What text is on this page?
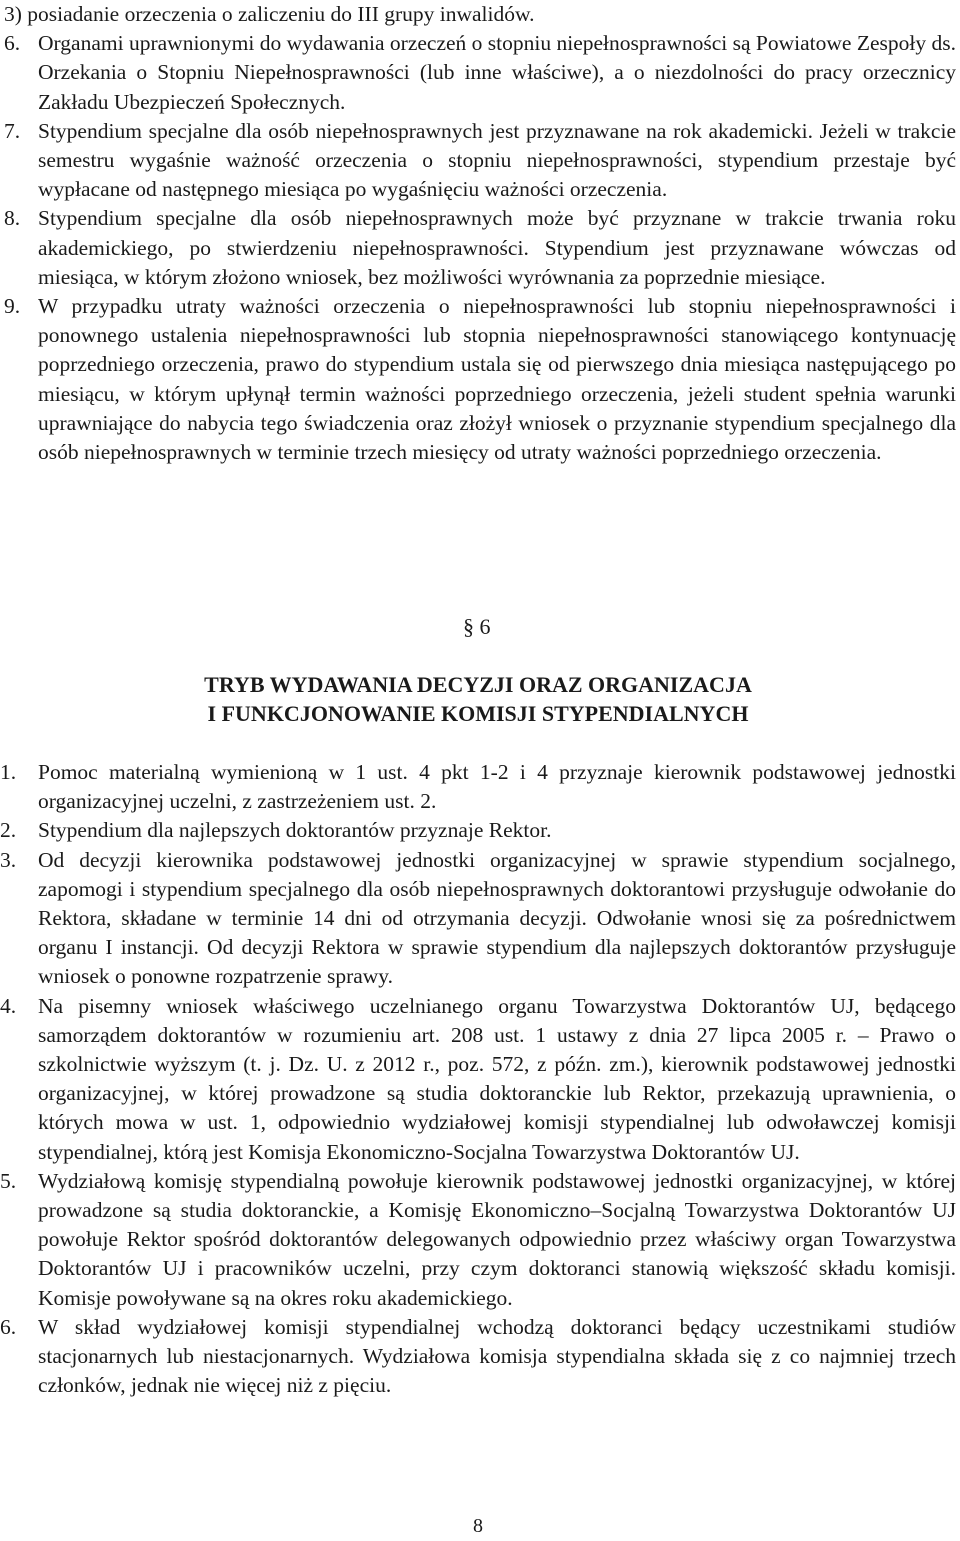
3) posiadanie orzeczenia o zaliczeniu do III grupy inwalidów.
6. Organami uprawnionymi do wydawania orzeczeń o stopniu niepełnosprawności są Powiatowe Zespoły ds. Orzekania o Stopniu Niepełnosprawności (lub inne właściwe), a o niezdolności do pracy orzecznicy Zakładu Ubezpieczeń Społecznych.
7. Stypendium specjalne dla osób niepełnosprawnych jest przyznawane na rok akademicki. Jeżeli w trakcie semestru wygaśnie ważność orzeczenia o stopniu niepełnosprawności, stypendium przestaje być wypłacane od następnego miesiąca po wygaśnięciu ważności orzeczenia.
8. Stypendium specjalne dla osób niepełnosprawnych może być przyznane w trakcie trwania roku akademickiego, po stwierdzeniu niepełnosprawności. Stypendium jest przyznawane wówczas od miesiąca, w którym złożono wniosek, bez możliwości wyrównania za poprzednie miesiące.
9. W przypadku utraty ważności orzeczenia o niepełnosprawności lub stopniu niepełnosprawności i ponownego ustalenia niepełnosprawności lub stopnia niepełnosprawności stanowiącego kontynuację poprzedniego orzeczenia, prawo do stypendium ustala się od pierwszego dnia miesiąca następującego po miesiącu, w którym upłynął termin ważności poprzedniego orzeczenia, jeżeli student spełnia warunki uprawniające do nabycia tego świadczenia oraz złożył wniosek o przyznanie stypendium specjalnego dla osób niepełnosprawnych w terminie trzech miesięcy od utraty ważności poprzedniego orzeczenia.
§ 6
TRYB WYDAWANIA DECYZJI ORAZ ORGANIZACJA
I FUNKCJONOWANIE KOMISJI STYPENDIALNYCH
1.	Pomoc materialną wymienioną w 1 ust. 4 pkt 1-2 i 4 przyznaje kierownik podstawowej jednostki organizacyjnej uczelni, z zastrzeżeniem ust. 2.
2.	Stypendium dla najlepszych doktorantów przyznaje Rektor.
3.	Od decyzji kierownika podstawowej jednostki organizacyjnej w sprawie stypendium socjalnego, zapomogi i stypendium specjalnego dla osób niepełnosprawnych doktorantowi przysługuje odwołanie do Rektora, składane w terminie 14 dni od otrzymania decyzji. Odwołanie wnosi się za pośrednictwem organu I instancji. Od decyzji Rektora w sprawie stypendium dla najlepszych doktorantów przysługuje wniosek o ponowne rozpatrzenie sprawy.
4.	Na pisemny wniosek właściwego uczelnianego organu Towarzystwa Doktorantów UJ, będącego samorządem doktorantów w rozumieniu art. 208 ust. 1 ustawy z dnia 27 lipca 2005 r. – Prawo o szkolnictwie wyższym (t. j. Dz. U. z 2012 r., poz. 572, z późn. zm.), kierownik podstawowej jednostki organizacyjnej, w której prowadzone są studia doktoranckie lub Rektor, przekazują uprawnienia, o których mowa w ust. 1, odpowiednio wydziałowej komisji stypendialnej lub odwoławczej komisji stypendialnej, którą jest Komisja Ekonomiczno-Socjalna Towarzystwa Doktorantów UJ.
5.	Wydziałową komisję stypendialną powołuje kierownik podstawowej jednostki organizacyjnej, w której prowadzone są studia doktoranckie, a Komisję Ekonomiczno–Socjalną Towarzystwa Doktorantów UJ powołuje Rektor spośród doktorantów delegowanych odpowiednio przez właściwy organ Towarzystwa Doktorantów UJ i pracowników uczelni, przy czym doktoranci stanowią większość składu komisji. Komisje powoływane są na okres roku akademickiego.
6.	W skład wydziałowej komisji stypendialnej wchodzą doktoranci będący uczestnikami studiów stacjonarnych lub niestacjonarnych. Wydziałowa komisja stypendialna składa się z co najmniej trzech członków, jednak nie więcej niż z pięciu.
8
